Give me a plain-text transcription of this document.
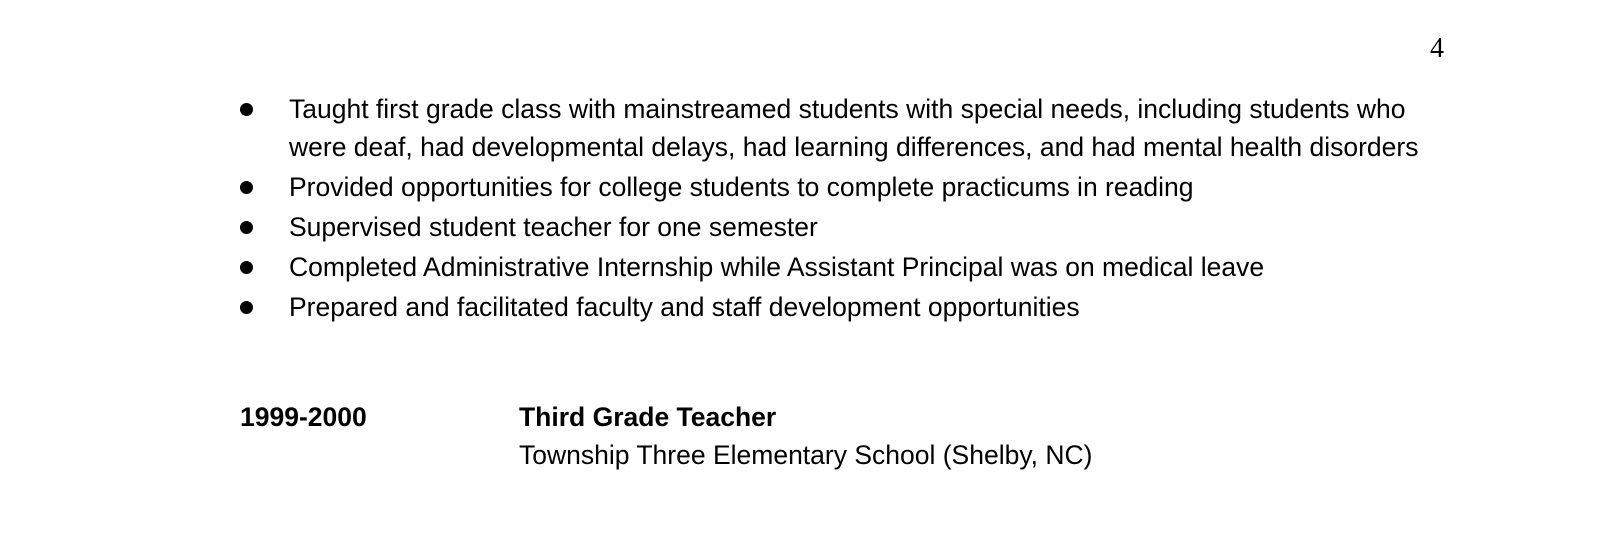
4
Taught first grade class with mainstreamed students with special needs, including students who were deaf, had developmental delays, had learning differences, and had mental health disorders
Provided opportunities for college students to complete practicums in reading
Supervised student teacher for one semester
Completed Administrative Internship while Assistant Principal was on medical leave
Prepared and facilitated faculty and staff development opportunities
1999-2000	Third Grade Teacher
Township Three Elementary School (Shelby, NC)
